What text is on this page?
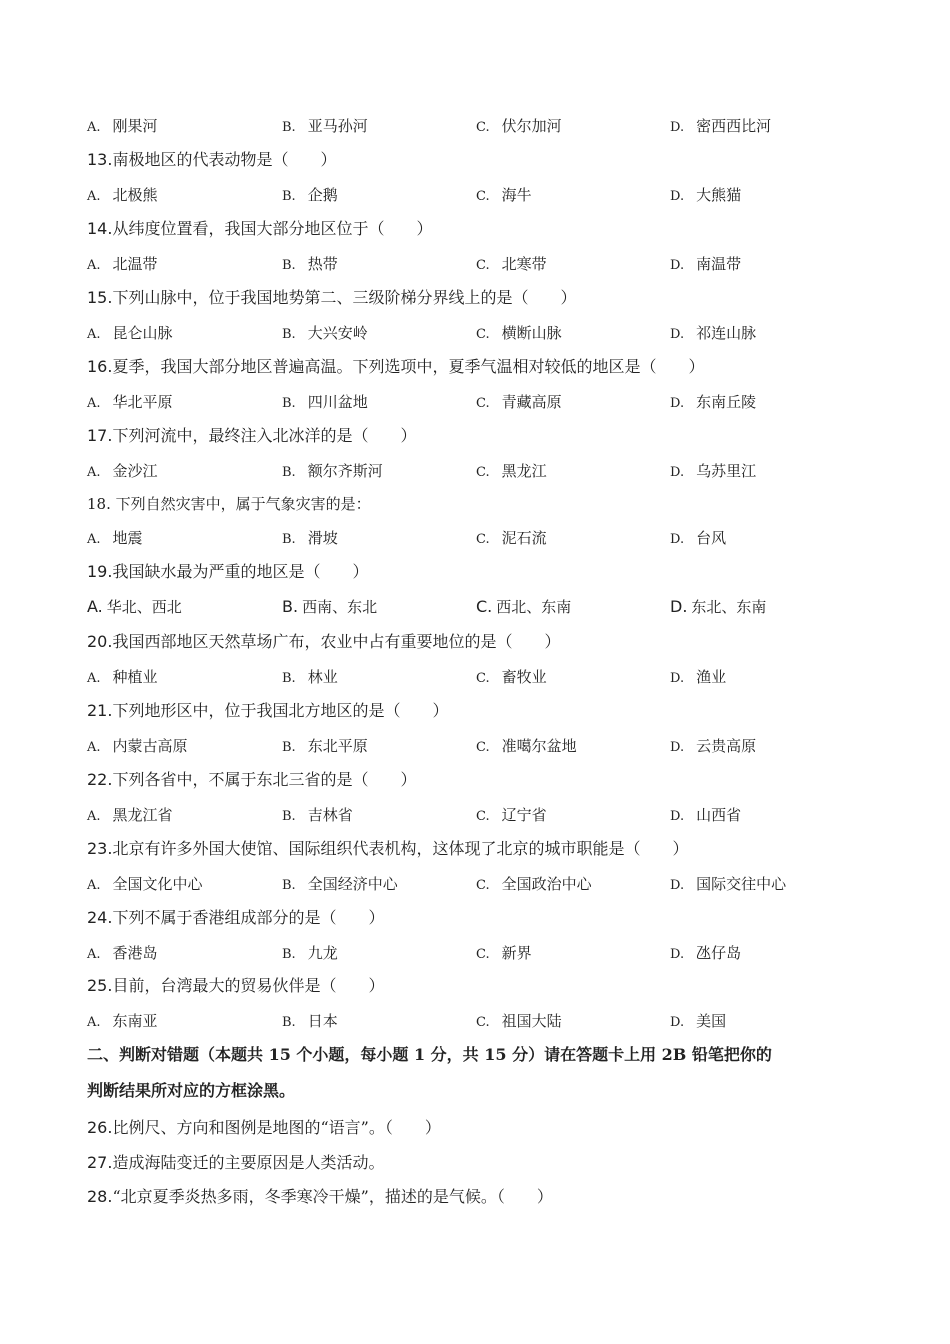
A. 刚果河	B. 亚马孙河	C. 伏尔加河	D. 密西西比河
13.南极地区的代表动物是（　　）
A. 北极熊	B. 企鹅	C. 海牛	D. 大熊猫
14.从纬度位置看，我国大部分地区位于（　　）
A. 北温带	B. 热带	C. 北寒带	D. 南温带
15.下列山脉中，位于我国地势第二、三级阶梯分界线上的是（　　）
A. 昆仑山脉	B. 大兴安岭	C. 横断山脉	D. 祁连山脉
16.夏季，我国大部分地区普遍高温。下列选项中，夏季气温相对较低的地区是（　　）
A. 华北平原	B. 四川盆地	C. 青藏高原	D. 东南丘陵
17.下列河流中，最终注入北冰洋的是（　　）
A. 金沙江	B. 额尔齐斯河	C. 黑龙江	D. 乌苏里江
18. 下列自然灾害中，属于气象灾害的是：
A. 地震	B. 滑坡	C. 泥石流	D. 台风
19.我国缺水最为严重的地区是（　　）
A. 华北、西北	B. 西南、东北	C. 西北、东南	D. 东北、东南
20.我国西部地区天然草场广布，农业中占有重要地位的是（　　）
A. 种植业	B. 林业	C. 畜牧业	D. 渔业
21.下列地形区中，位于我国北方地区的是（　　）
A. 内蒙古高原	B. 东北平原	C. 准噶尔盆地	D. 云贵高原
22.下列各省中，不属于东北三省的是（　　）
A. 黑龙江省	B. 吉林省	C. 辽宁省	D. 山西省
23.北京有许多外国大使馆、国际组织代表机构，这体现了北京的城市职能是（　　）
A. 全国文化中心	B. 全国经济中心	C. 全国政治中心	D. 国际交往中心
24.下列不属于香港组成部分的是（　　）
A. 香港岛	B. 九龙	C. 新界	D. 氹仔岛
25.目前，台湾最大的贸易伙伴是（　　）
A. 东南亚	B. 日本	C. 祖国大陆	D. 美国
二、判断对错题（本题共 15 个小题，每小题 1 分，共 15 分）请在答题卡上用 2B 铅笔把你的
判断结果所对应的方框涂黑。
26.比例尺、方向和图例是地图的“语言”。（　　）
27.造成海陆变迁的主要原因是人类活动。
28.“北京夏季炎热多雨，冬季寒冷干燥”，描述的是气候。（　　）
